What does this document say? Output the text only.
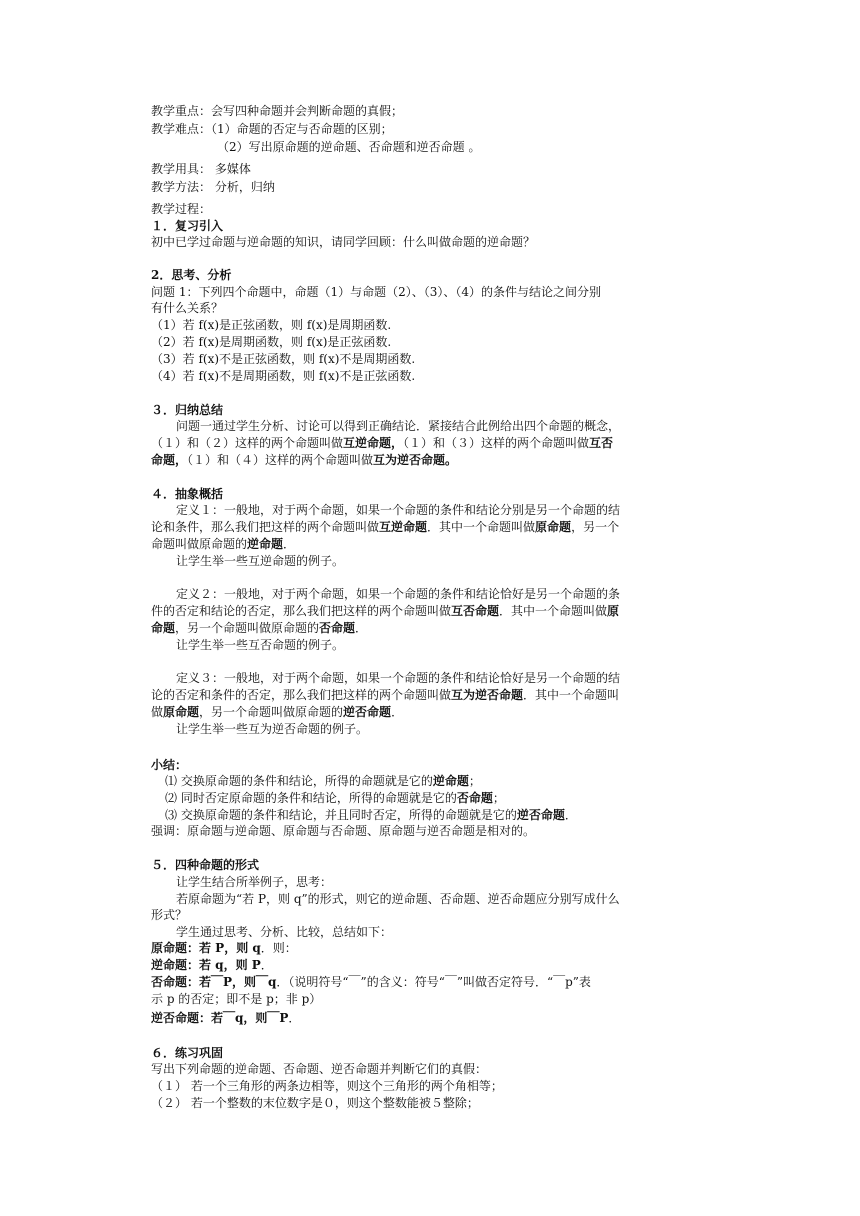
教学重点：会写四种命题并会判断命题的真假；
教学难点：（1）命题的否定与否命题的区别；
（2）写出原命题的逆命题、否命题和逆否命题 。
教学用具： 多媒体
教学方法： 分析，归纳
教学过程：
１．复习引入
初中已学过命题与逆命题的知识，请同学回顾：什么叫做命题的逆命题？
2．思考、分析
问题 1：下列四个命题中，命题（1）与命题（2）、（3）、（4）的条件与结论之间分别
有什么关系？
（1）若 f(x)是正弦函数，则 f(x)是周期函数.
（2）若 f(x)是周期函数，则 f(x)是正弦函数.
（3）若 f(x)不是正弦函数，则 f(x)不是周期函数.
（4）若 f(x)不是周期函数，则 f(x)不是正弦函数.
３．归纳总结
问题一通过学生分析、讨论可以得到正确结论．紧接结合此例给出四个命题的概念，
（１）和（２）这样的两个命题叫做互逆命题，（１）和（３）这样的两个命题叫做互否
命题，（１）和（４）这样的两个命题叫做互为逆否命题。
４．抽象概括
定义１：一般地，对于两个命题，如果一个命题的条件和结论分别是另一个命题的结
论和条件，那么我们把这样的两个命题叫做互逆命题．其中一个命题叫做原命题，另一个
命题叫做原命题的逆命题．
让学生举一些互逆命题的例子。
定义２：一般地，对于两个命题，如果一个命题的条件和结论恰好是另一个命题的条
件的否定和结论的否定，那么我们把这样的两个命题叫做互否命题．其中一个命题叫做原
命题，另一个命题叫做原命题的否命题．
让学生举一些互否命题的例子。
定义３：一般地，对于两个命题，如果一个命题的条件和结论恰好是另一个命题的结
论的否定和条件的否定，那么我们把这样的两个命题叫做互为逆否命题．其中一个命题叫
做原命题，另一个命题叫做原命题的逆否命题．
让学生举一些互为逆否命题的例子。
小结：
⑴ 交换原命题的条件和结论，所得的命题就是它的逆命题；
⑵ 同时否定原命题的条件和结论，所得的命题就是它的否命题；
⑶ 交换原命题的条件和结论，并且同时否定，所得的命题就是它的逆否命题．
强调：原命题与逆命题、原命题与否命题、原命题与逆否命题是相对的。
５．四种命题的形式
让学生结合所举例子，思考：
若原命题为“若 P，则 q”的形式，则它的逆命题、否命题、逆否命题应分别写成什么
形式？
学生通过思考、分析、比较，总结如下：
原命题：若 P，则 q．则：
逆命题：若 q，则 P．
否命题：若￣P，则￣q．（说明符号“￣”的含义：符号“￣”叫做否定符号．“￣p”表
示 p 的否定；即不是 p；非 p）
逆否命题：若￣q，则￣P．
６．练习巩固
写出下列命题的逆命题、否命题、逆否命题并判断它们的真假：
（１） 若一个三角形的两条边相等，则这个三角形的两个角相等；
（２） 若一个整数的末位数字是０，则这个整数能被５整除；
